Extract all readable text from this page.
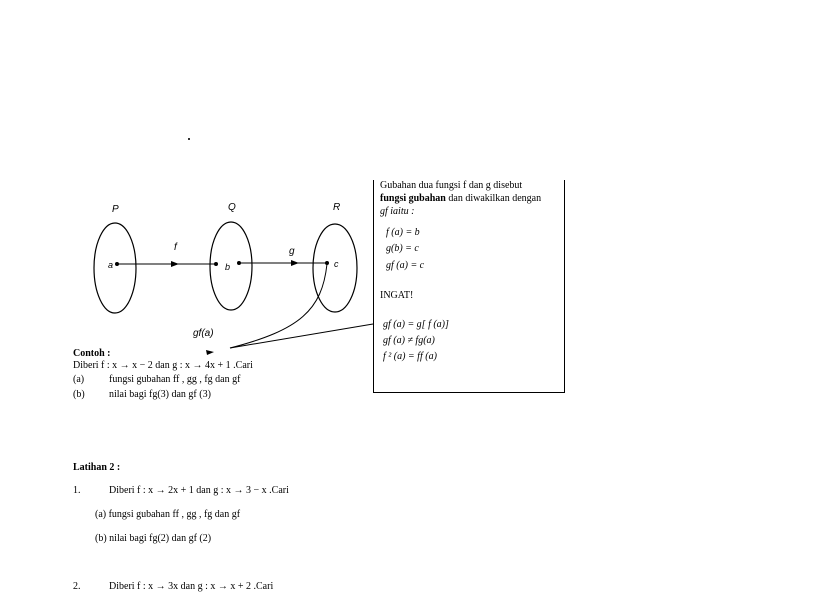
P	Q	R
a	b	c
f	g
gf(a)
Gubahan dua fungsi f dan g disebut
fungsi gubahan dan diwakilkan dengan
gf iaitu :
f (a) = b
g(b) = c
gf (a) = c
INGAT!
gf (a) = g[ f (a)]
gf (a) ≠ fg(a)
f ² (a) = ff (a)
Contoh :
Diberi f : x → x − 2 dan g : x → 4x + 1 .Cari
(a) fungsi gubahan ff , gg , fg dan gf
(b) nilai bagi fg(3) dan gf (3)
Latihan 2 :
1.	Diberi f : x → 2x + 1 dan g : x → 3 − x .Cari
(a) fungsi gubahan ff , gg , fg dan gf
(b) nilai bagi fg(2) dan gf (2)
2.	Diberi f : x → 3x dan g : x → x + 2 .Cari
